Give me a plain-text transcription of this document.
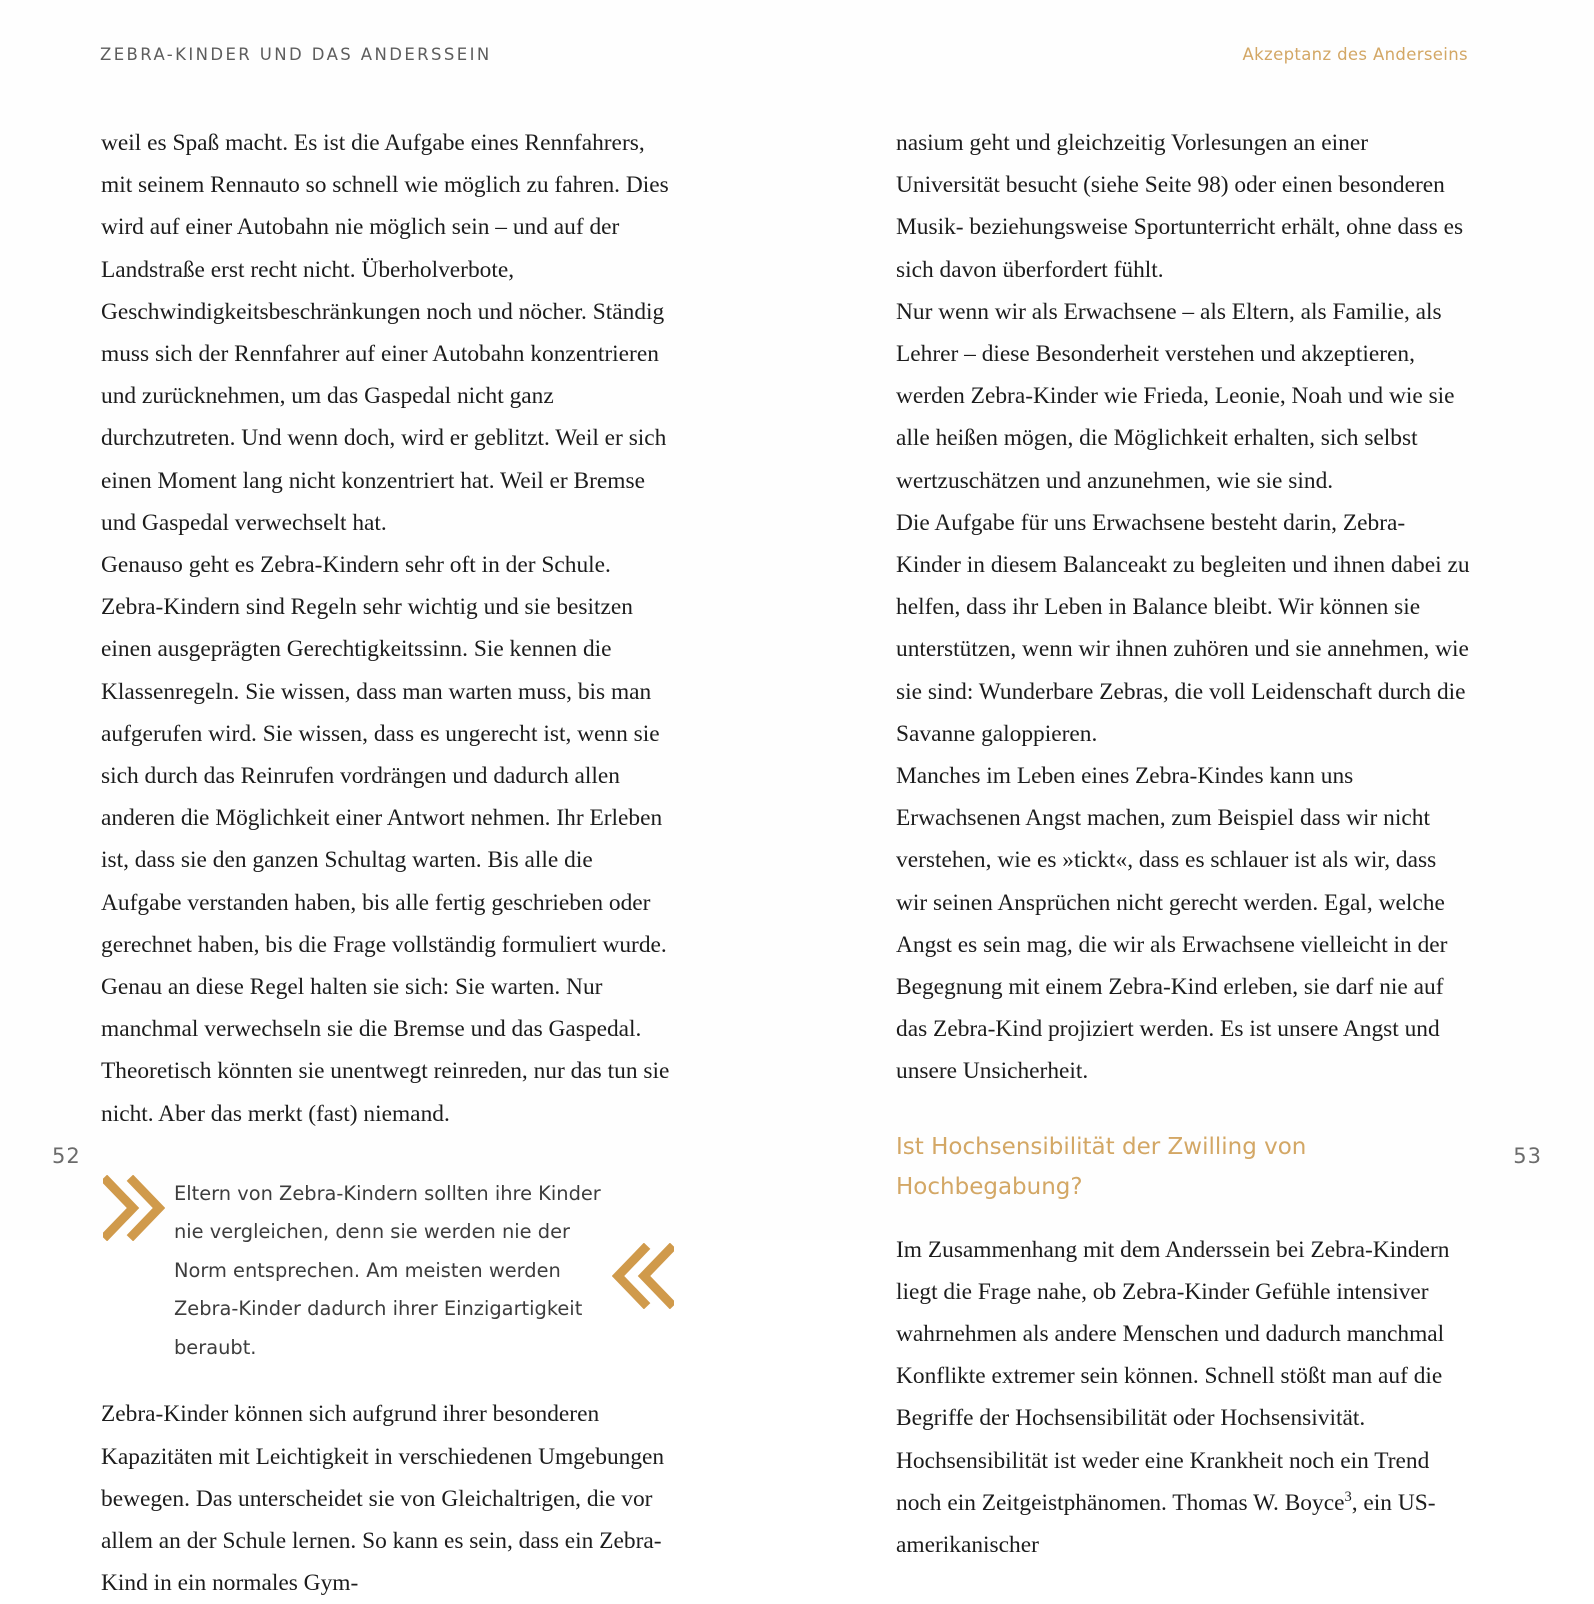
ZEBRA-KINDER UND DAS ANDERSSEIN

weil es Spaß macht. Es ist die Aufgabe eines Rennfahrers, mit seinem Rennauto so schnell wie möglich zu fahren. Dies wird auf einer Autobahn nie möglich sein – und auf der Landstraße erst recht nicht. Überholverbote, Geschwindigkeitsbeschränkungen noch und nöcher. Ständig muss sich der Rennfahrer auf einer Autobahn konzentrieren und zurücknehmen, um das Gaspedal nicht ganz durchzutreten. Und wenn doch, wird er geblitzt. Weil er sich einen Moment lang nicht konzentriert hat. Weil er Bremse und Gaspedal verwechselt hat.

Genauso geht es Zebra-Kindern sehr oft in der Schule. Zebra-Kindern sind Regeln sehr wichtig und sie besitzen einen ausgeprägten Gerechtigkeitssinn. Sie kennen die Klassenregeln. Sie wissen, dass man warten muss, bis man aufgerufen wird. Sie wissen, dass es ungerecht ist, wenn sie sich durch das Reinrufen vordrängen und dadurch allen anderen die Möglichkeit einer Antwort nehmen. Ihr Erleben ist, dass sie den ganzen Schultag warten. Bis alle die Aufgabe verstanden haben, bis alle fertig geschrieben oder gerechnet haben, bis die Frage vollständig formuliert wurde. Genau an diese Regel halten sie sich: Sie warten. Nur manchmal verwechseln sie die Bremse und das Gaspedal. Theoretisch könnten sie unentwegt reinreden, nur das tun sie nicht. Aber das merkt (fast) niemand.

Eltern von Zebra-Kindern sollten ihre Kinder nie vergleichen, denn sie werden nie der Norm entsprechen. Am meisten werden Zebra-Kinder dadurch ihrer Einzigartigkeit beraubt.

Zebra-Kinder können sich aufgrund ihrer besonderen Kapazitäten mit Leichtigkeit in verschiedenen Umgebungen bewegen. Das unterscheidet sie von Gleichaltrigen, die vor allem an der Schule lernen. So kann es sein, dass ein Zebra-Kind in ein normales Gym-

52
Akzeptanz des Anderseins

nasium geht und gleichzeitig Vorlesungen an einer Universität besucht (siehe Seite 98) oder einen besonderen Musik- beziehungsweise Sportunterricht erhält, ohne dass es sich davon überfordert fühlt.

Nur wenn wir als Erwachsene – als Eltern, als Familie, als Lehrer – diese Besonderheit verstehen und akzeptieren, werden Zebra-Kinder wie Frieda, Leonie, Noah und wie sie alle heißen mögen, die Möglichkeit erhalten, sich selbst wertzuschätzen und anzunehmen, wie sie sind.

Die Aufgabe für uns Erwachsene besteht darin, Zebra-Kinder in diesem Balanceakt zu begleiten und ihnen dabei zu helfen, dass ihr Leben in Balance bleibt. Wir können sie unterstützen, wenn wir ihnen zuhören und sie annehmen, wie sie sind: Wunderbare Zebras, die voll Leidenschaft durch die Savanne galoppieren.

Manches im Leben eines Zebra-Kindes kann uns Erwachsenen Angst machen, zum Beispiel dass wir nicht verstehen, wie es »tickt«, dass es schlauer ist als wir, dass wir seinen Ansprüchen nicht gerecht werden. Egal, welche Angst es sein mag, die wir als Erwachsene vielleicht in der Begegnung mit einem Zebra-Kind erleben, sie darf nie auf das Zebra-Kind projiziert werden. Es ist unsere Angst und unsere Unsicherheit.

Ist Hochsensibilität der Zwilling von Hochbegabung?

Im Zusammenhang mit dem Anderssein bei Zebra-Kindern liegt die Frage nahe, ob Zebra-Kinder Gefühle intensiver wahrnehmen als andere Menschen und dadurch manchmal Konflikte extremer sein können. Schnell stößt man auf die Begriffe der Hochsensibilität oder Hochsensivität.

Hochsensibilität ist weder eine Krankheit noch ein Trend noch ein Zeitgeistphänomen. Thomas W. Boyce$^3$, ein US-amerikanischer

53
